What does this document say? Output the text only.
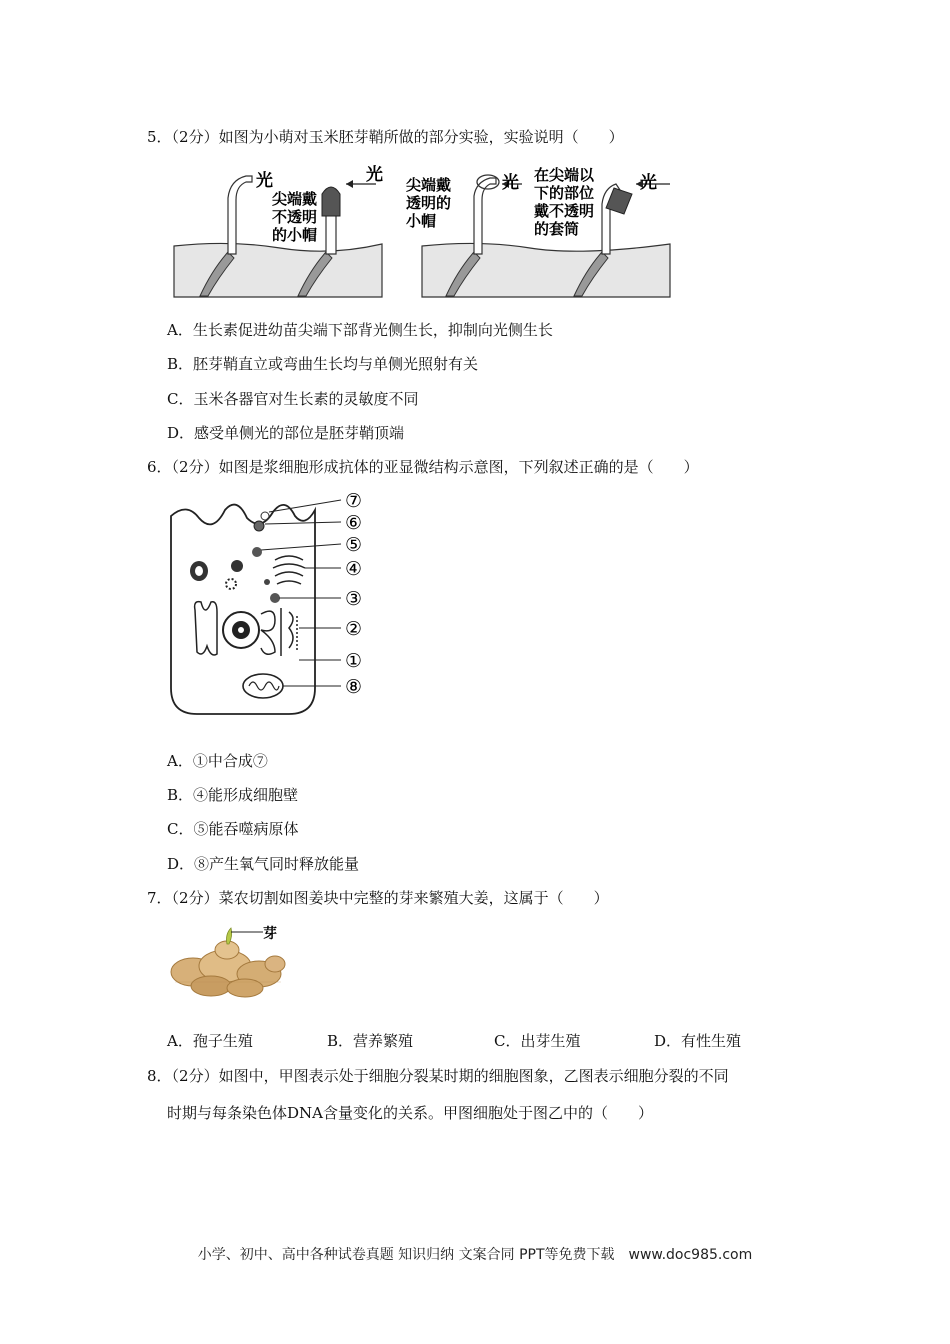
5．（2分）如图为小萌对玉米胚芽鞘所做的部分实验，实验说明（　　）
光
尖端戴
不透明
的小帽
光 尖端戴
透明的
小帽
光 在尖端以
下的部位
戴不透明
的套筒
光
A．生长素促进幼苗尖端下部背光侧生长，抑制向光侧生长
B．胚芽鞘直立或弯曲生长均与单侧光照射有关
C．玉米各器官对生长素的灵敏度不同
D．感受单侧光的部位是胚芽鞘顶端
6．（2分）如图是浆细胞形成抗体的亚显微结构示意图，下列叙述正确的是（　　）
⑦
⑥
⑤
④
③
②
①
⑧
A．①中合成⑦
B．④能形成细胞壁
C．⑤能吞噬病原体
D．⑧产生氧气同时释放能量
7．（2分）菜农切割如图姜块中完整的芽来繁殖大姜，这属于（　　）
芽
A．孢子生殖	B．营养繁殖	C．出芽生殖	D．有性生殖
8．（2分）如图中，甲图表示处于细胞分裂某时期的细胞图象，乙图表示细胞分裂的不同
时期与每条染色体DNA含量变化的关系。甲图细胞处于图乙中的（　　）
小学、初中、高中各种试卷真题 知识归纳 文案合同 PPT等免费下载　www.doc985.com
